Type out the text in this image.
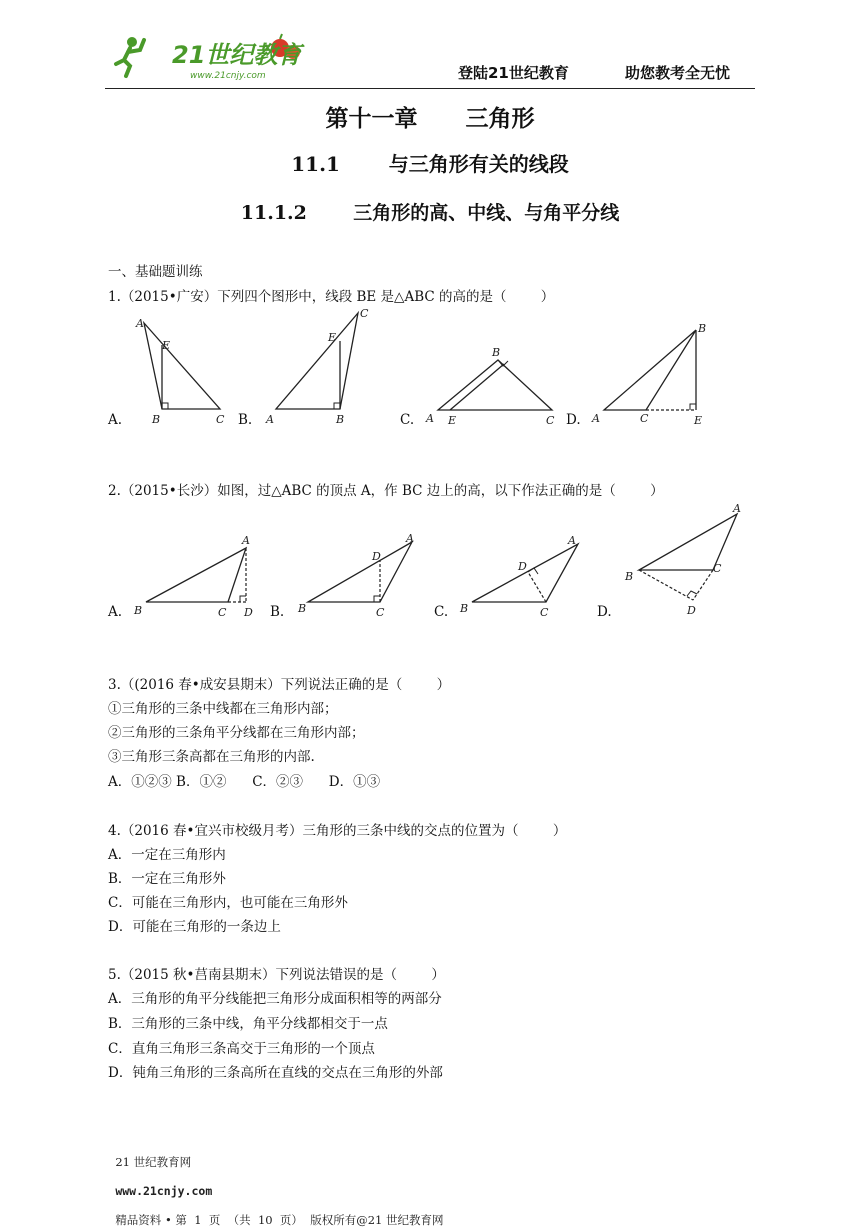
21世纪教育
www.21cnjy.com	登陆21世纪教育	助您教考全无忧
第十一章      三角形
11.1       与三角形有关的线段
11.1.2       三角形的高、中线、与角平分线
一、基础题训练
1.（2015•广安）下列四个图形中，线段 BE 是△ABC 的高的是（        ）
A.
A
E
B	C B.
C
E
A	B	C.
B
A E	C D.
B
A	C	E
2.（2015•长沙）如图，过△ABC 的顶点 A，作 BC 边上的高，以下作法正确的是（        ）
A.
A
B	C D B.
D
A
B	C	C.
D
A
B	C	D.
A
B
C
D
3.（(2016 春•成安县期末）下列说法正确的是（        ）
①三角形的三条中线都在三角形内部；
②三角形的三条角平分线都在三角形内部；
③三角形三条高都在三角形的内部.
A．①②③ B．①②      C．②③      D．①③
4.（2016 春•宜兴市校级月考）三角形的三条中线的交点的位置为（        ）
A．一定在三角形内
B．一定在三角形外
C．可能在三角形内，也可能在三角形外
D．可能在三角形的一条边上
5.（2015 秋•莒南县期末）下列说法错误的是（        ）
A．三角形的角平分线能把三角形分成面积相等的两部分
B．三角形的三条中线，角平分线都相交于一点
C．直角三角形三条高交于三角形的一个顶点
D．钝角三角形的三条高所在直线的交点在三角形的外部

21 世纪教育网

www.21cnjy.com

精品资料 • 第  1  页  （共  10  页）  版权所有@21 世纪教育网
